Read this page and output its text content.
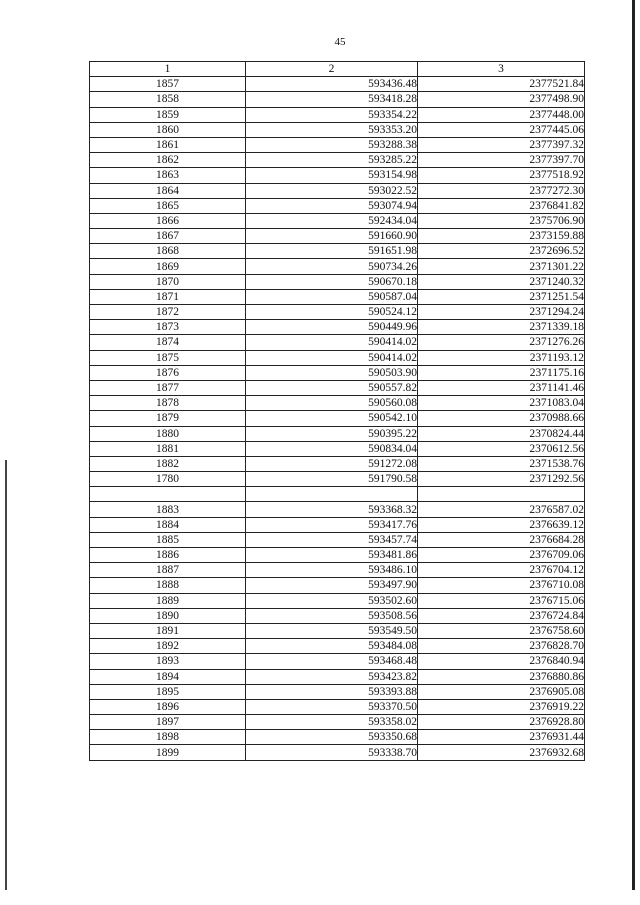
45
1	2	3
1857	593436.48	2377521.84
1858	593418.28	2377498.90
1859	593354.22	2377448.00
1860	593353.20	2377445.06
1861	593288.38	2377397.32
1862	593285.22	2377397.70
1863	593154.98	2377518.92
1864	593022.52	2377272.30
1865	593074.94	2376841.82
1866	592434.04	2375706.90
1867	591660.90	2373159.88
1868	591651.98	2372696.52
1869	590734.26	2371301.22
1870	590670.18	2371240.32
1871	590587.04	2371251.54
1872	590524.12	2371294.24
1873	590449.96	2371339.18
1874	590414.02	2371276.26
1875	590414.02	2371193.12
1876	590503.90	2371175.16
1877	590557.82	2371141.46
1878	590560.08	2371083.04
1879	590542.10	2370988.66
1880	590395.22	2370824.44
1881	590834.04	2370612.56
1882	591272.08	2371538.76
1780	591790.58	2371292.56

1883	593368.32	2376587.02
1884	593417.76	2376639.12
1885	593457.74	2376684.28
1886	593481.86	2376709.06
1887	593486.10	2376704.12
1888	593497.90	2376710.08
1889	593502.60	2376715.06
1890	593508.56	2376724.84
1891	593549.50	2376758.60
1892	593484.08	2376828.70
1893	593468.48	2376840.94
1894	593423.82	2376880.86
1895	593393.88	2376905.08
1896	593370.50	2376919.22
1897	593358.02	2376928.80
1898	593350.68	2376931.44
1899	593338.70	2376932.68
